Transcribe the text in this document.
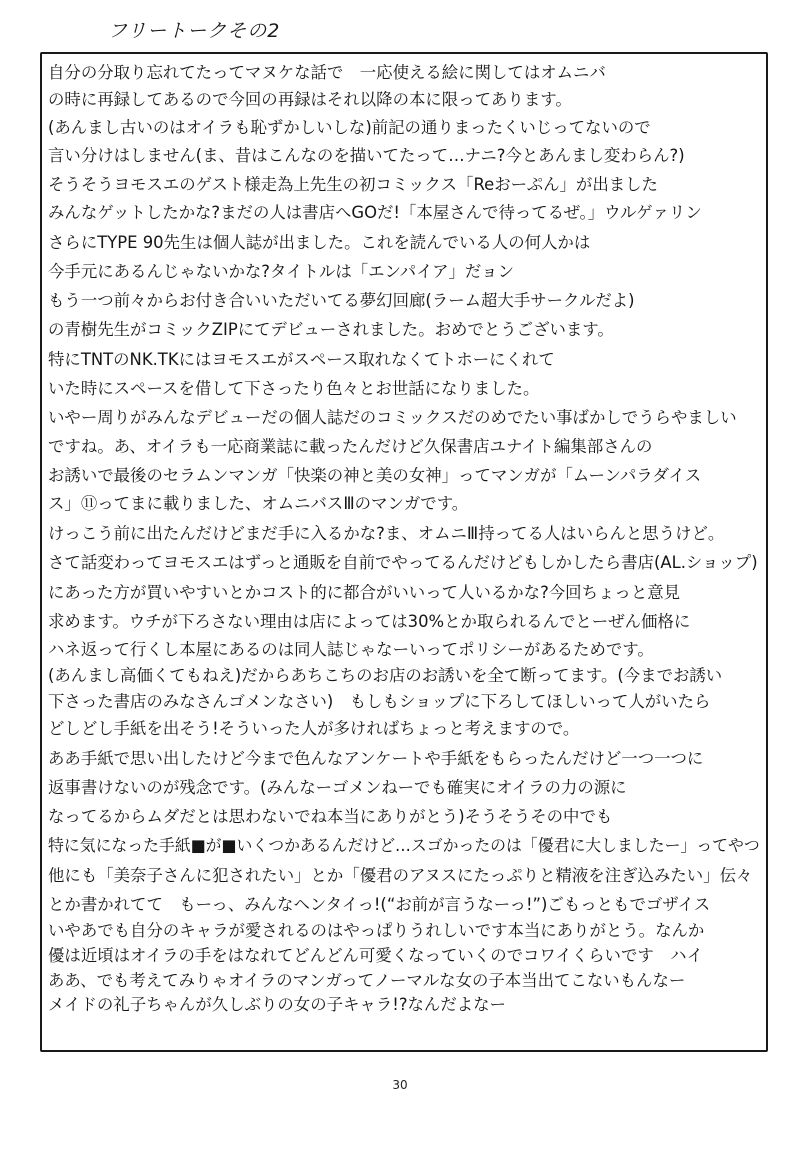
フリートークその2
自分の分取り忘れてたってマヌケな話で　一応使える絵に関してはオムニバ
の時に再録してあるので今回の再録はそれ以降の本に限ってあります。
(あんまし古いのはオイラも恥ずかしいしな)前記の通りまったくいじってないので
言い分けはしません(ま、昔はこんなのを描いてたって…ナニ?今とあんまし変わらん?)
そうそうヨモスエのゲスト様走為上先生の初コミックス「Reおーぷん」が出ました
みんなゲットしたかな?まだの人は書店へGOだ!「本屋さんで待ってるぜ。」ウルゲァリン
さらにTYPE 90先生は個人誌が出ました。これを読んでいる人の何人かは
今手元にあるんじゃないかな?タイトルは「エンパイア」だョン
もう一つ前々からお付き合いいただいてる夢幻回廊(ラーム超大手サークルだよ)
の青樹先生がコミックZIPにてデビューされました。おめでとうございます。
特にTNTのNK.TKにはヨモスエがスペース取れなくてトホーにくれて
いた時にスペースを借して下さったり色々とお世話になりました。
いやー周りがみんなデビューだの個人誌だのコミックスだのめでたい事ばかしでうらやましい
ですね。あ、オイラも一応商業誌に載ったんだけど久保書店ユナイト編集部さんの
お誘いで最後のセラムンマンガ「快楽の神と美の女神」ってマンガが「ムーンパラダイス
ス」⑪ってまに載りました、オムニバスⅢのマンガです。
けっこう前に出たんだけどまだ手に入るかな?ま、オムニⅢ持ってる人はいらんと思うけど。
さて話変わってヨモスエはずっと通販を自前でやってるんだけどもしかしたら書店(AL.ショップ)
にあった方が買いやすいとかコスト的に都合がいいって人いるかな?今回ちょっと意見
求めます。ウチが下ろさない理由は店によっては30%とか取られるんでとーぜん価格に
ハネ返って行くし本屋にあるのは同人誌じゃなーいってポリシーがあるためです。
(あんまし高価くてもねえ)だからあちこちのお店のお誘いを全て断ってます。(今までお誘い
下さった書店のみなさんゴメンなさい)　もしもショップに下ろしてほしいって人がいたら
どしどし手紙を出そう!そういった人が多ければちょっと考えますので。
ああ手紙で思い出したけど今まで色んなアンケートや手紙をもらったんだけど一つ一つに
返事書けないのが残念です。(みんなーゴメンねーでも確実にオイラの力の源に
なってるからムダだとは思わないでね本当にありがとう)そうそうその中でも
特に気になった手紙■が■いくつかあるんだけど…スゴかったのは「優君に大しましたー」ってやつ
他にも「美奈子さんに犯されたい」とか「優君のアヌスにたっぷりと精液を注ぎ込みたい」伝々
とか書かれてて　もーっ、みんなヘンタイっ!(“お前が言うなーっ!”)ごもっともでゴザイス
いやあでも自分のキャラが愛されるのはやっぱりうれしいです本当にありがとう。なんか
優は近頃はオイラの手をはなれてどんどん可愛くなっていくのでコワイくらいです　ハイ
ああ、でも考えてみりゃオイラのマンガってノーマルな女の子本当出てこないもんなー
メイドの礼子ちゃんが久しぶりの女の子キャラ!?なんだよなー
30
